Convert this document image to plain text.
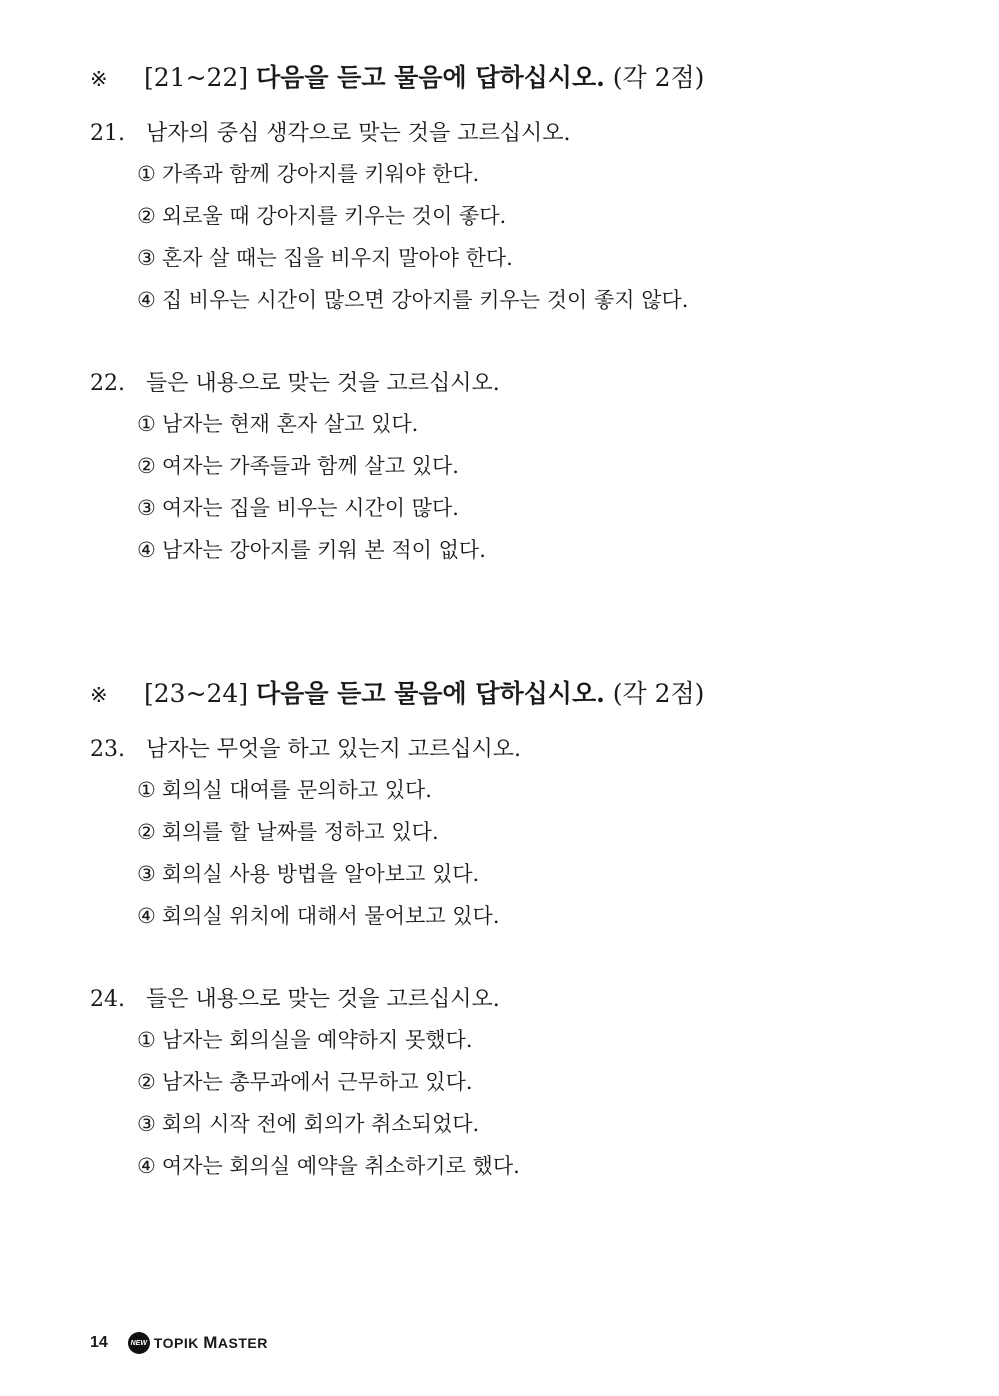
※ [21~22] 다음을 듣고 물음에 답하십시오. (각 2점)
21. 남자의 중심 생각으로 맞는 것을 고르십시오.
① 가족과 함께 강아지를 키워야 한다.
② 외로울 때 강아지를 키우는 것이 좋다.
③ 혼자 살 때는 집을 비우지 말아야 한다.
④ 집 비우는 시간이 많으면 강아지를 키우는 것이 좋지 않다.
22. 들은 내용으로 맞는 것을 고르십시오.
① 남자는 현재 혼자 살고 있다.
② 여자는 가족들과 함께 살고 있다.
③ 여자는 집을 비우는 시간이 많다.
④ 남자는 강아지를 키워 본 적이 없다.
※ [23~24] 다음을 듣고 물음에 답하십시오. (각 2점)
23. 남자는 무엇을 하고 있는지 고르십시오.
① 회의실 대여를 문의하고 있다.
② 회의를 할 날짜를 정하고 있다.
③ 회의실 사용 방법을 알아보고 있다.
④ 회의실 위치에 대해서 물어보고 있다.
24. 들은 내용으로 맞는 것을 고르십시오.
① 남자는 회의실을 예약하지 못했다.
② 남자는 총무과에서 근무하고 있다.
③ 회의 시작 전에 회의가 취소되었다.
④ 여자는 회의실 예약을 취소하기로 했다.
14	NEW TOPIK MASTER
